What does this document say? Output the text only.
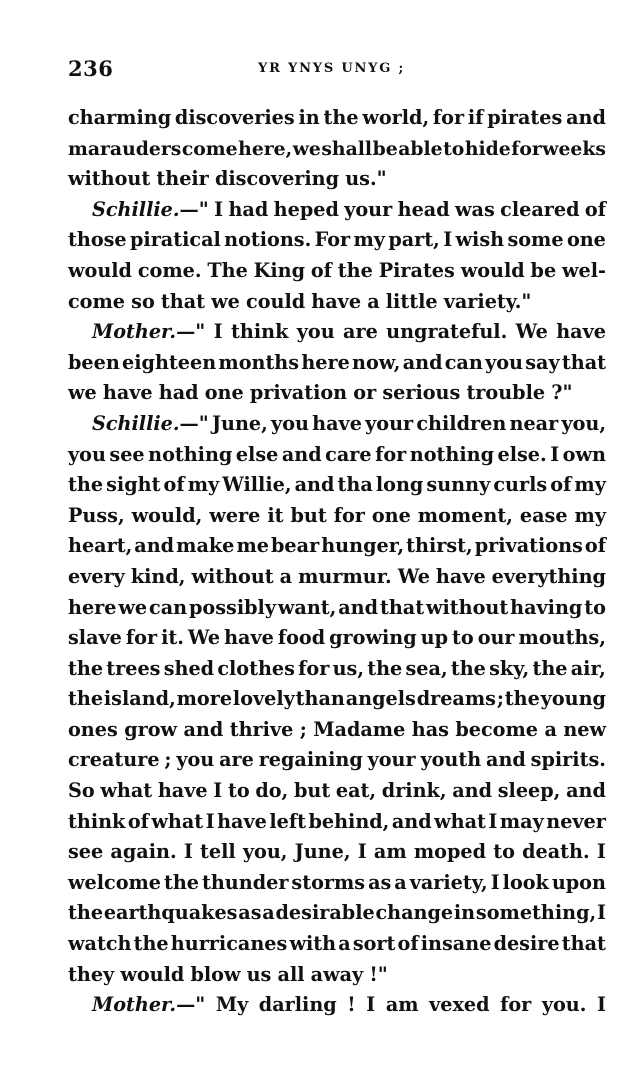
236	YR YNYS UNYG ;
charming discoveries in the world, for if pirates and
marauders come here, we shall be able to hide for weeks
without their discovering us."
Schillie.—" I had heped your head was cleared of
those piratical notions. For my part, I wish some one
would come. The King of the Pirates would be wel-
come so that we could have a little variety."
Mother.—" I think you are ungrateful. We have
been eighteen months here now, and can you say that
we have had one privation or serious trouble ?"
Schillie.—" June, you have your children near you,
you see nothing else and care for nothing else. I own
the sight of my Willie, and tha long sunny curls of my
Puss, would, were it but for one moment, ease my
heart, and make me bear hunger, thirst, privations of
every kind, without a murmur. We have everything
here we can possibly want, and that without having to
slave for it. We have food growing up to our mouths,
the trees shed clothes for us, the sea, the sky, the air,
the island, more lovely than angels dreams ; the young
ones grow and thrive ; Madame has become a new
creature ; you are regaining your youth and spirits.
So what have I to do, but eat, drink, and sleep, and
think of what I have left behind, and what I may never
see again. I tell you, June, I am moped to death. I
welcome the thunder storms as a variety, I look upon
the earthquakes as a desirable change in something, I
watch the hurricanes with a sort of insane desire that
they would blow us all away !"
Mother.—" My darling ! I am vexed for you. I
